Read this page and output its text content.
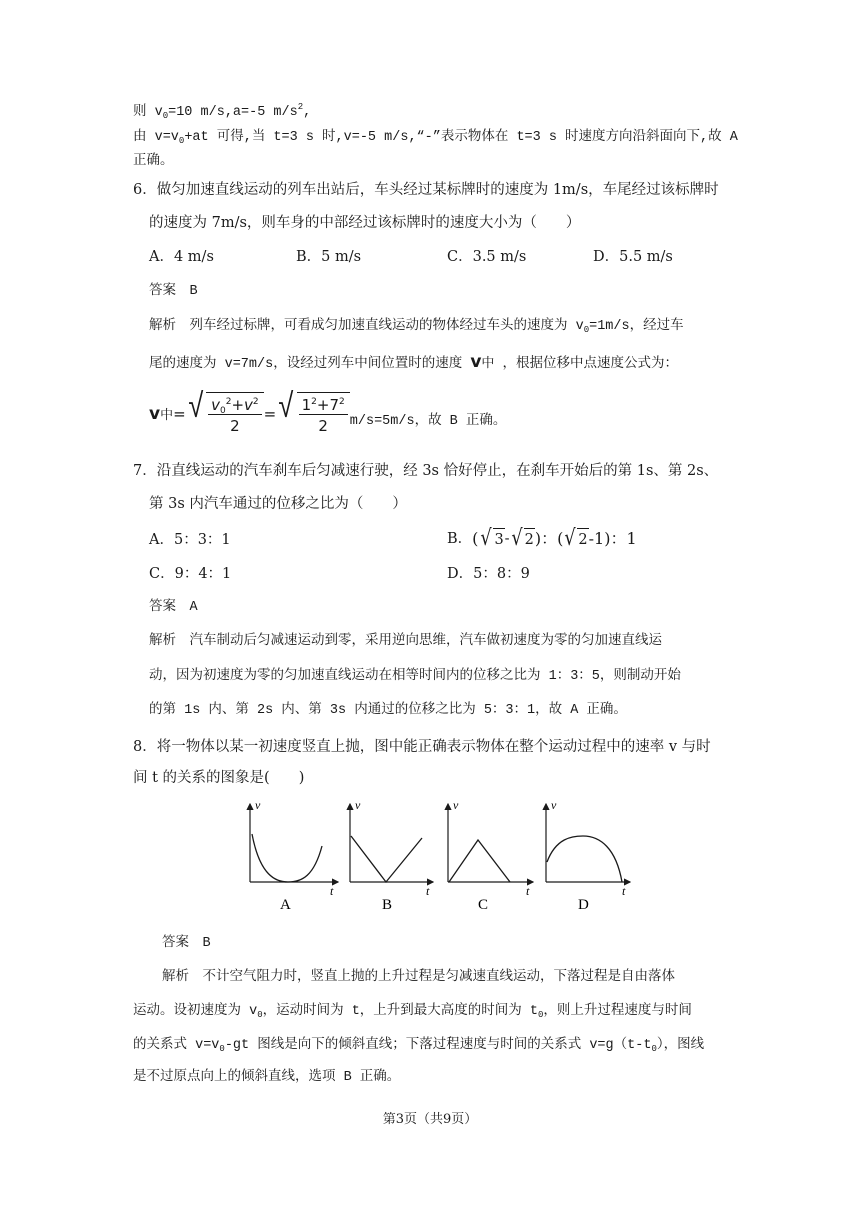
则 $v_0=10$ m/s,a=-5 $m/s^2$,
由 $v=v_0+at$ 可得,当 t=3 s 时,v=-5 m/s,“-”表示物体在 t=3 s 时速度方向沿斜面向下,故 A
正确。
6．做匀加速直线运动的列车出站后，车头经过某标牌时的速度为 1m/s，车尾经过该标牌时
的速度为 7m/s，则车身的中部经过该标牌时的速度大小为（　　）
A．4 m/s	B．5 m/s	C．3.5 m/s	D．5.5 m/s
答案　B
解析　列车经过标牌，可看成匀加速直线运动的物体经过车头的速度为 $v_0=1m/s$，经过车
尾的速度为 v=7m/s，设经过列车中间位置时的速度 v中 ，根据位移中点速度公式为：
v中 = √ $\frac{v_0^2+v^2}{2}$ = √ $\frac{1^2+7^2}{2} m/s=5m/s$，故 B 正确。
7．沿直线运动的汽车刹车后匀减速行驶，经 3s 恰好停止，在刹车开始后的第 1s、第 2s、
第 3s 内汽车通过的位移之比为（　　）
A．5：3：1	B． ( √ 3 - √ 2 )：( √ 2 -1)：1
C．9：4：1	D．5：8：9
答案　A
解析　汽车制动后匀减速运动到零，采用逆向思维，汽车做初速度为零的匀加速直线运
动，因为初速度为零的匀加速直线运动在相等时间内的位移之比为 1：3：5，则制动开始
的第 1s 内、第 2s 内、第 3s 内通过的位移之比为 5：3：1，故 A 正确。
8．将一物体以某一初速度竖直上抛，图中能正确表示物体在整个运动过程中的速率 v 与时
间 t 的关系的图象是(　　)
v
t
A
v
t
B
v
t
C
v
t
D
答案　B
解析　不计空气阻力时，竖直上抛的上升过程是匀减速直线运动，下落过程是自由落体
运动。设初速度为 $v_0$，运动时间为 t，上升到最大高度的时间为 $t_0$，则上升过程速度与时间
的关系式 $v=v_0-gt$ 图线是向下的倾斜直线；下落过程速度与时间的关系式 $v=g(t-t_0)$，图线
是不过原点向上的倾斜直线，选项 B 正确。
第3页（共9页）
